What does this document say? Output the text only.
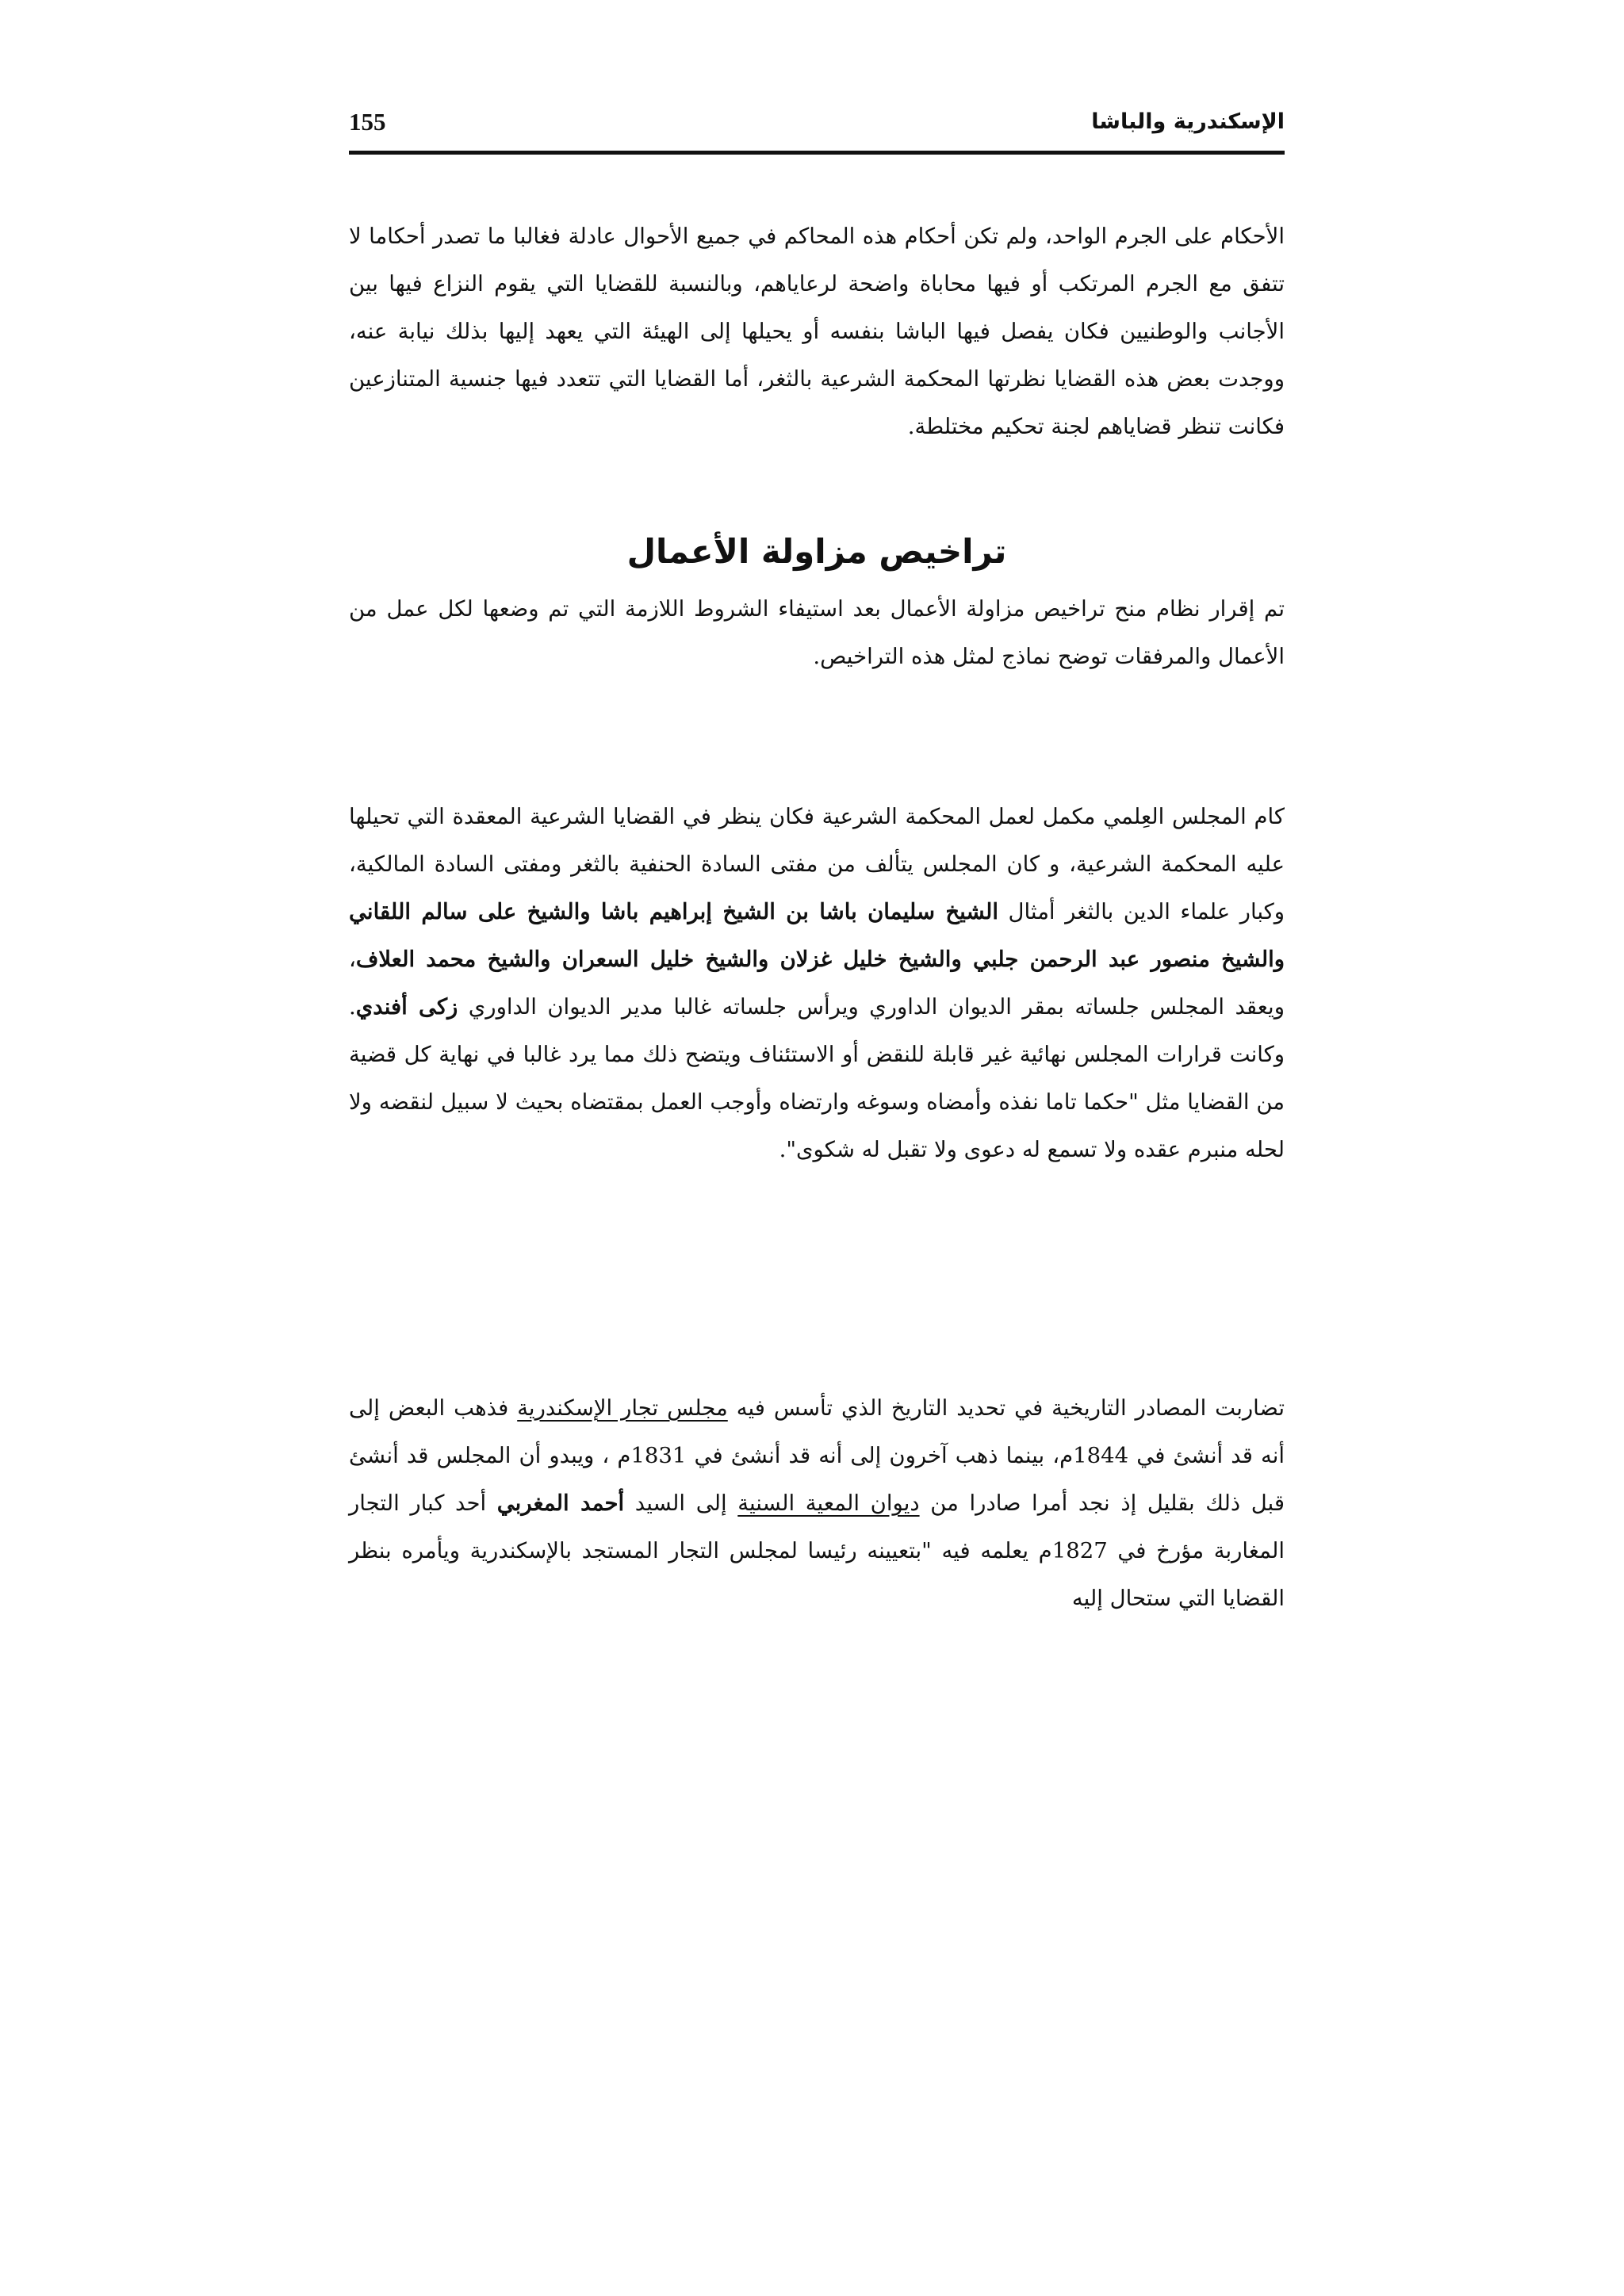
155	الإسكندرية والباشا

الأحكام على الجرم الواحد، ولم تكن أحكام هذه المحاكم في جميع الأحوال عادلة فغالبا ما تصدر أحكاما لا تتفق مع الجرم المرتكب أو فيها محاباة واضحة لرعاياهم، وبالنسبة للقضايا التي يقوم النزاع فيها بين الأجانب والوطنيين فكان يفصل فيها الباشا بنفسه أو يحيلها إلى الهيئة التي يعهد إليها بذلك نيابة عنه، ووجدت بعض هذه القضايا نظرتها المحكمة الشرعية بالثغر، أما القضايا التي تتعدد فيها جنسية المتنازعين فكانت تنظر قضاياهم لجنة تحكيم مختلطة.

تراخيص مزاولة الأعمال

تم إقرار نظام منح تراخيص مزاولة الأعمال بعد استيفاء الشروط اللازمة التي تم وضعها لكل عمل من الأعمال والمرفقات توضح نماذج لمثل هذه التراخيص.

كام المجلس العِلمي مكمل لعمل المحكمة الشرعية فكان ينظر في القضايا الشرعية المعقدة التي تحيلها عليه المحكمة الشرعية، و كان المجلس يتألف من مفتى السادة الحنفية بالثغر ومفتى السادة المالكية، وكبار علماء الدين بالثغر أمثال الشيخ سليمان باشا بن الشيخ إبراهيم باشا والشيخ على سالم اللقاني والشيخ منصور عبد الرحمن جلبي والشيخ خليل غزلان والشيخ خليل السعران والشيخ محمد العلاف، ويعقد المجلس جلساته بمقر الديوان الداوري ويرأس جلساته غالبا مدير الديوان الداوري زكى أفندي. وكانت قرارات المجلس نهائية غير قابلة للنقض أو الاستئناف ويتضح ذلك مما يرد غالبا في نهاية كل قضية من القضايا مثل "حكما تاما نفذه وأمضاه وسوغه وارتضاه وأوجب العمل بمقتضاه بحيث لا سبيل لنقضه ولا لحله منبرم عقده ولا تسمع له دعوى ولا تقبل له شكوى".

تضاربت المصادر التاريخية في تحديد التاريخ الذي تأسس فيه مجلس تجار الإسكندرية فذهب البعض إلى أنه قد أنشئ في 1844م، بينما ذهب آخرون إلى أنه قد أنشئ في 1831م ، ويبدو أن المجلس قد أنشئ قبل ذلك بقليل إذ نجد أمرا صادرا من ديوان المعية السنية إلى السيد أحمد المغربي أحد كبار التجار المغاربة مؤرخ في 1827م يعلمه فيه "بتعيينه رئيسا لمجلس التجار المستجد بالإسكندرية ويأمره بنظر القضايا التي ستحال إليه
